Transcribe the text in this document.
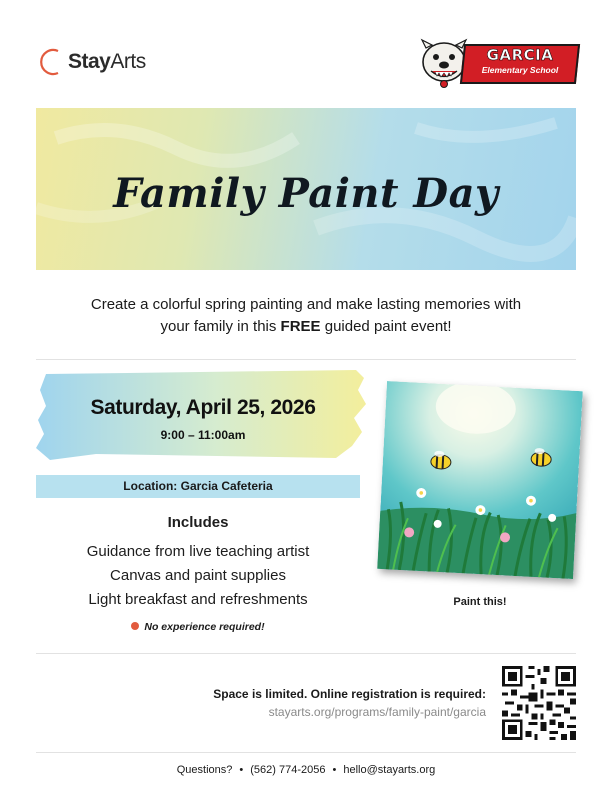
StayArts	GARCIA
Elementary School
Family Paint Day
Create a colorful spring painting and make lasting memories with
your family in this FREE guided paint event!
Saturday, April 25, 2026
9:00 – 11:00am
Location: Garcia Cafeteria
Includes
Guidance from live teaching artist
Canvas and paint supplies
Light breakfast and refreshments
No experience required!
Paint this!
Space is limited. Online registration is required:
stayarts.org/programs/family-paint/garcia
Questions? • (562) 774-2056 • hello@stayarts.org
